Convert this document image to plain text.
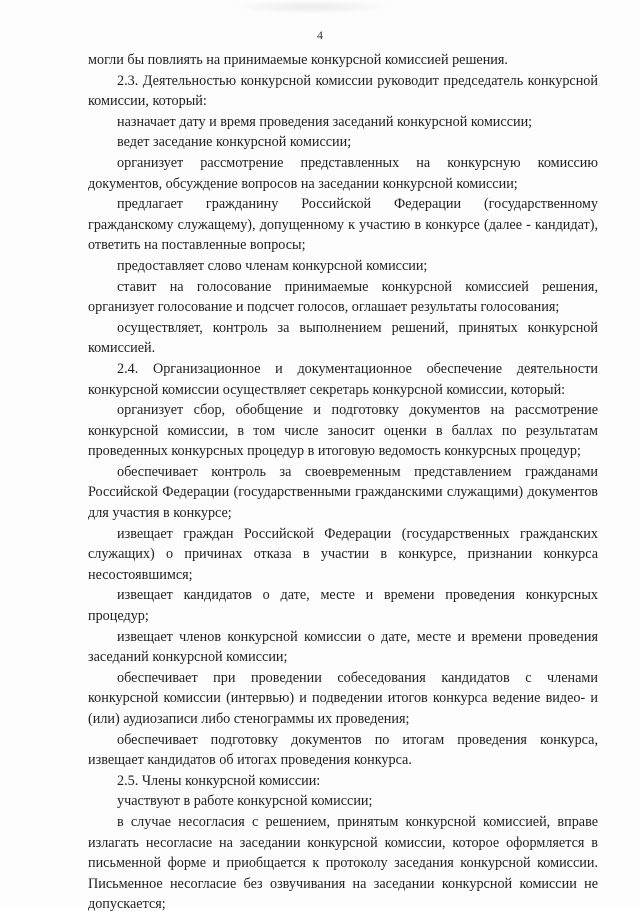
4

могли бы повлиять на принимаемые конкурсной комиссией решения.

2.3. Деятельностью конкурсной комиссии руководит председатель конкурсной комиссии, который:

назначает дату и время проведения заседаний конкурсной комиссии;

ведет заседание конкурсной комиссии;

организует рассмотрение представленных на конкурсную комиссию документов, обсуждение вопросов на заседании конкурсной комиссии;

предлагает гражданину Российской Федерации (государственному гражданскому служащему), допущенному к участию в конкурсе (далее - кандидат), ответить на поставленные вопросы;

предоставляет слово членам конкурсной комиссии;

ставит на голосование принимаемые конкурсной комиссией решения, организует голосование и подсчет голосов, оглашает результаты голосования;

осуществляет, контроль за выполнением решений, принятых конкурсной комиссией.

2.4. Организационное и документационное обеспечение деятельности конкурсной комиссии осуществляет секретарь конкурсной комиссии, который:

организует сбор, обобщение и подготовку документов на рассмотрение конкурсной комиссии, в том числе заносит оценки в баллах по результатам проведенных конкурсных процедур в итоговую ведомость конкурсных процедур;

обеспечивает контроль за своевременным представлением гражданами Российской Федерации (государственными гражданскими служащими) документов для участия в конкурсе;

извещает граждан Российской Федерации (государственных гражданских служащих) о причинах отказа в участии в конкурсе, признании конкурса несостоявшимся;

извещает кандидатов о дате, месте и времени проведения конкурсных процедур;

извещает членов конкурсной комиссии о дате, месте и времени проведения заседаний конкурсной комиссии;

обеспечивает при проведении собеседования кандидатов с членами конкурсной комиссии (интервью) и подведении итогов конкурса ведение видео- и (или) аудиозаписи либо стенограммы их проведения;

обеспечивает подготовку документов по итогам проведения конкурса, извещает кандидатов об итогах проведения конкурса.

2.5. Члены конкурсной комиссии:

участвуют в работе конкурсной комиссии;

в случае несогласия с решением, принятым конкурсной комиссией, вправе излагать несогласие на заседании конкурсной комиссии, которое оформляется в письменной форме и приобщается к протоколу заседания конкурсной комиссии. Письменное несогласие без озвучивания на заседании конкурсной комиссии не допускается;
